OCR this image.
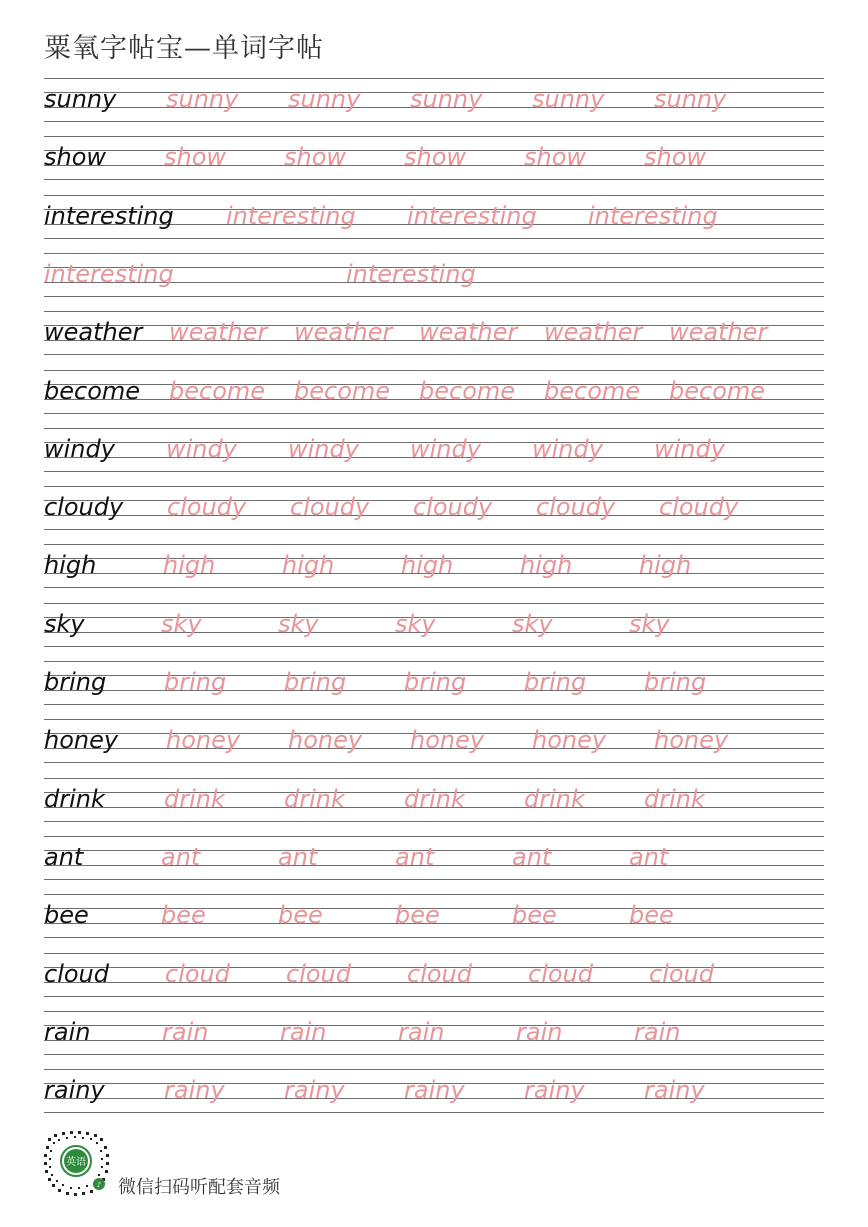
粟氧字帖宝—单词字帖
sunny sunny sunny sunny sunny sunny
show show show show show show
interesting interesting interesting interesting
interesting	interesting
weather weather weather weather weather weather
become become become become become become
windy windy windy windy windy windy
cloudy cloudy cloudy cloudy cloudy cloudy
high	high	high	high	high	high
sky	sky	sky	sky	sky	sky
bring bring bring bring bring bring
honey honey honey honey honey honey
drink drink drink drink drink drink
ant	ant	ant	ant	ant	ant
bee	bee	bee	bee	bee	bee
cloud cloud cloud cloud cloud cloud
rain	rain	rain	rain	rain	rain
rainy rainy rainy rainy rainy rainy
英语
♪ 微信扫码听配套音频
